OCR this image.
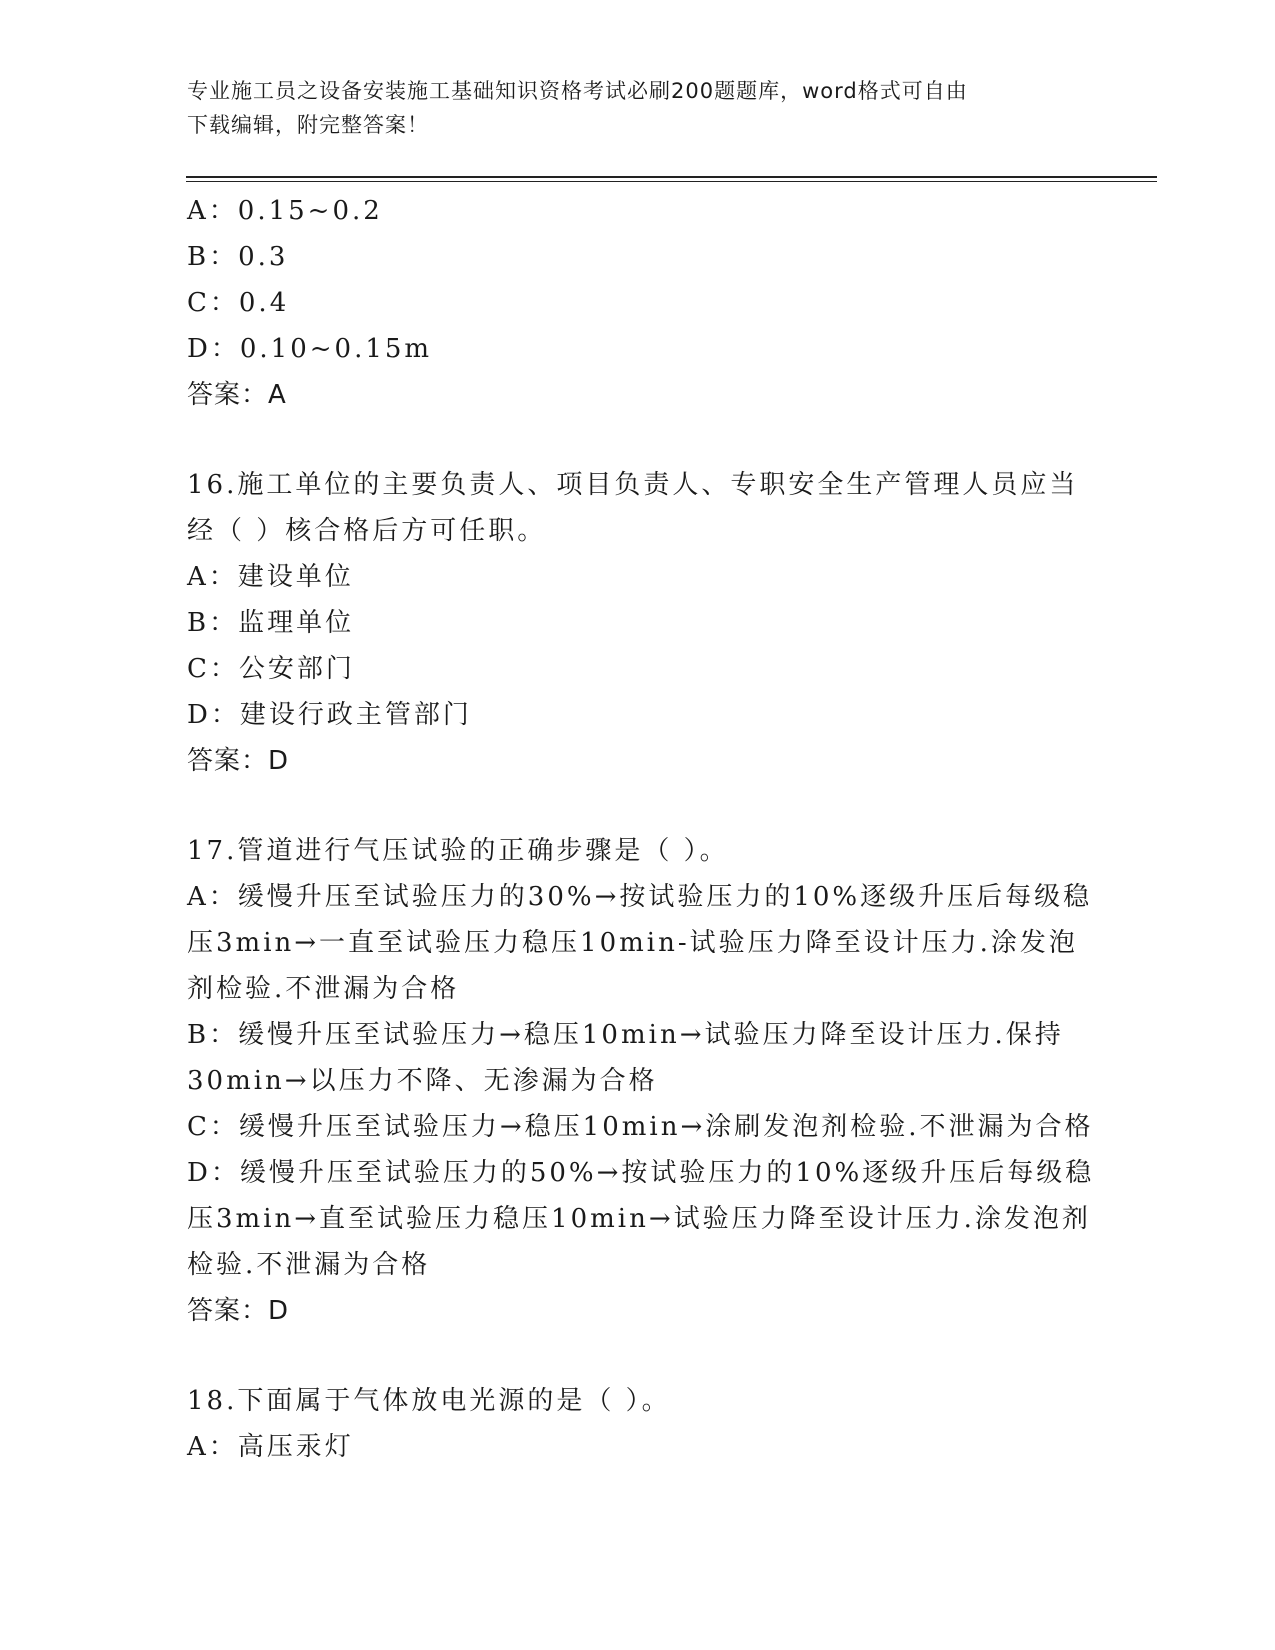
专业施工员之设备安装施工基础知识资格考试必刷200题题库，word格式可自由
下载编辑，附完整答案！
A：0.15~0.2
B：0.3
C：0.4
D：0.10~0.15m
答案：A
16.施工单位的主要负责人、项目负责人、专职安全生产管理人员应当
经（ ）核合格后方可任职。
A：建设单位
B：监理单位
C：公安部门
D：建设行政主管部门
答案：D
17.管道进行气压试验的正确步骤是（ ）。
A：缓慢升压至试验压力的30%→按试验压力的10%逐级升压后每级稳
压3min→一直至试验压力稳压10min-试验压力降至设计压力.涂发泡
剂检验.不泄漏为合格
B：缓慢升压至试验压力→稳压10min→试验压力降至设计压力.保持
30min→以压力不降、无渗漏为合格
C：缓慢升压至试验压力→稳压10min→涂刷发泡剂检验.不泄漏为合格
D：缓慢升压至试验压力的50%→按试验压力的10%逐级升压后每级稳
压3min→直至试验压力稳压10min→试验压力降至设计压力.涂发泡剂
检验.不泄漏为合格
答案：D
18.下面属于气体放电光源的是（ ）。
A：高压汞灯
